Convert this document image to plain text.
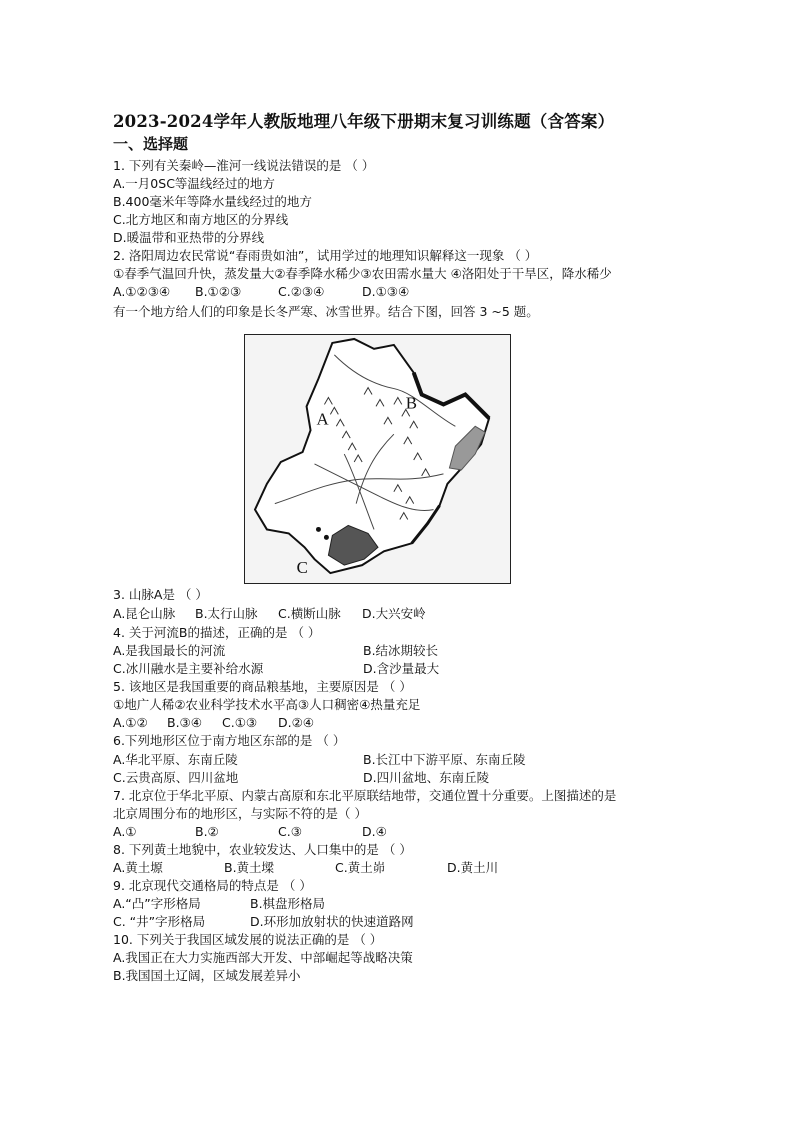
2023-2024学年人教版地理八年级下册期末复习训练题（含答案）
一、选择题
1. 下列有关秦岭—淮河一线说法错误的是 （ ）
A.一月0SC等温线经过的地方
B.400毫米年等降水量线经过的地方
C.北方地区和南方地区的分界线
D.暖温带和亚热带的分界线
2. 洛阳周边农民常说“春雨贵如油”，试用学过的地理知识解释这一现象 （ ）
①春季气温回升快，蒸发量大②春季降水稀少③农田需水量大 ④洛阳处于干旱区，降水稀少
A.①②③④ B.①②③	C.②③④	D.①③④
有一个地方给人们的印象是长冬严寒、冰雪世界。结合下图，回答 3 ~5 题。
A
B
C
3. 山脉A是 （ ）
A.昆仑山脉 B.太行山脉 C.横断山脉 D.大兴安岭
4. 关于河流B的描述，正确的是 （ ）
A.是我国最长的河流	B.结冰期较长
C.冰川融水是主要补给水源	D.含沙量最大
5. 该地区是我国重要的商品粮基地，主要原因是 （ ）
①地广人稀②农业科学技术水平高③人口稠密④热量充足
A.①② B.③④ C.①③ D.②④
6.下列地形区位于南方地区东部的是 （ ）
A.华北平原、东南丘陵	B.长江中下游平原、东南丘陵
C.云贵高原、四川盆地	D.四川盆地、东南丘陵
7. 北京位于华北平原、内蒙古高原和东北平原联结地带，交通位置十分重要。上图描述的是
北京周围分布的地形区，与实际不符的是（ ）
A.①	B.②	C.③	D.④
8. 下列黄土地貌中，农业较发达、人口集中的是 （ ）
A.黄土塬	B.黄土墚	C.黄土峁	D.黄土川
9. 北京现代交通格局的特点是 （ ）
A.“凸”字形格局	B.棋盘形格局
C. “井”字形格局	D.环形加放射状的快速道路网
10. 下列关于我国区域发展的说法正确的是 （ ）
A.我国正在大力实施西部大开发、中部崛起等战略决策
B.我国国土辽阔，区域发展差异小
